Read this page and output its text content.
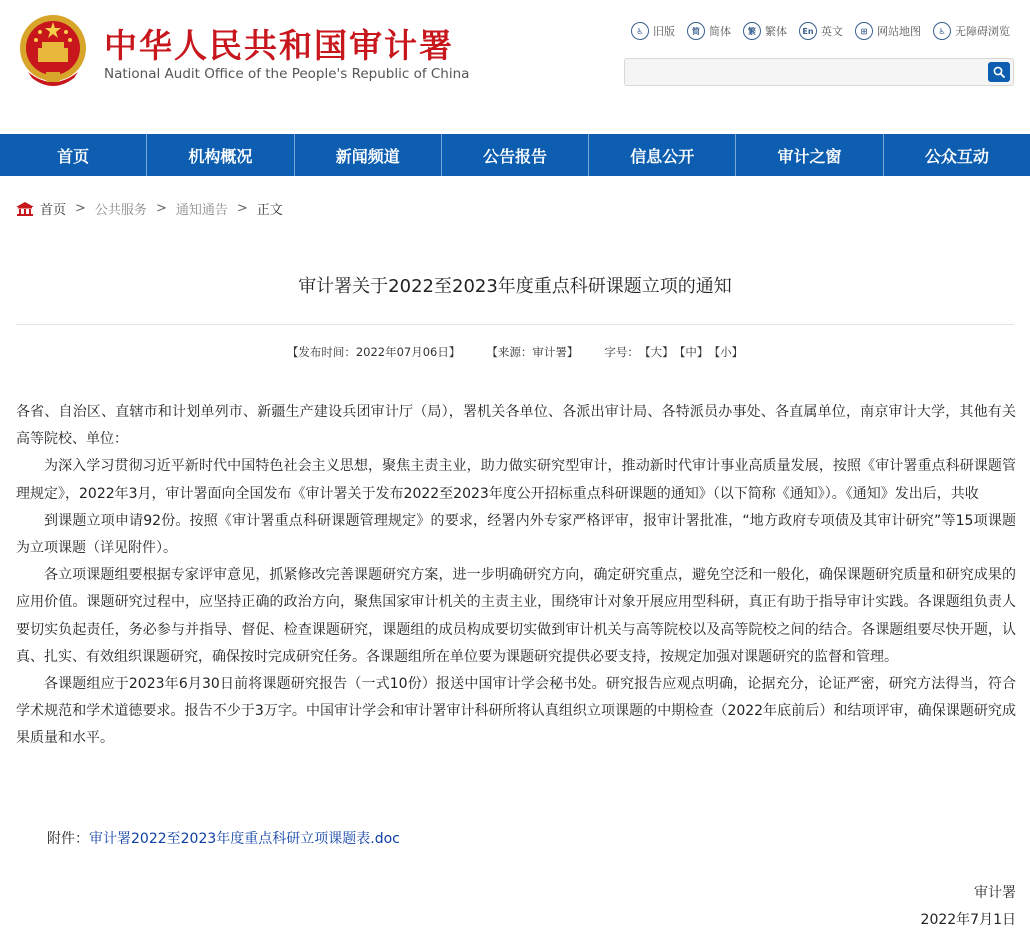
中华人民共和国审计署
National Audit Office of the People's Republic of China
♿ 旧版	简 简体	繁 繁体	En 英文	⊞ 网站地图	♿ 无障碍浏览
首页	机构概况	新闻频道	公告报告	信息公开	审计之窗	公众互动
首页 > 公共服务 > 通知通告 > 正文
审计署关于2022至2023年度重点科研课题立项的通知
【发布时间：2022年07月06日】 【来源：审计署】 字号： 【大】 【中】 【小】

各省、自治区、直辖市和计划单列市、新疆生产建设兵团审计厅（局），署机关各单位、各派出审计局、各特派员办事处、各直属单位，南京审计大学，其他有关高等院校、单位：

为深入学习贯彻习近平新时代中国特色社会主义思想，聚焦主责主业，助力做实研究型审计，推动新时代审计事业高质量发展，按照《审计署重点科研课题管理规定》，2022年3月，审计署面向全国发布《审计署关于发布2022至2023年度公开招标重点科研课题的通知》（以下简称《通知》）。《通知》发出后，共收

到课题立项申请92份。按照《审计署重点科研课题管理规定》的要求，经署内外专家严格评审，报审计署批准，“地方政府专项债及其审计研究”等15项课题为立项课题（详见附件）。

各立项课题组要根据专家评审意见，抓紧修改完善课题研究方案，进一步明确研究方向，确定研究重点，避免空泛和一般化，确保课题研究质量和研究成果的应用价值。课题研究过程中，应坚持正确的政治方向，聚焦国家审计机关的主责主业，围绕审计对象开展应用型科研，真正有助于指导审计实践。各课题组负责人要切实负起责任，务必参与并指导、督促、检查课题研究，课题组的成员构成要切实做到审计机关与高等院校以及高等院校之间的结合。各课题组要尽快开题，认真、扎实、有效组织课题研究，确保按时完成研究任务。各课题组所在单位要为课题研究提供必要支持，按规定加强对课题研究的监督和管理。

各课题组应于2023年6月30日前将课题研究报告（一式10份）报送中国审计学会秘书处。研究报告应观点明确，论据充分，论证严密，研究方法得当，符合学术规范和学术道德要求。报告不少于3万字。中国审计学会和审计署审计科研所将认真组织立项课题的中期检查（2022年底前后）和结项评审，确保课题研究成果质量和水平。

附件：审计署2022至2023年度重点科研立项课题表.doc
审计署
2022年7月1日
